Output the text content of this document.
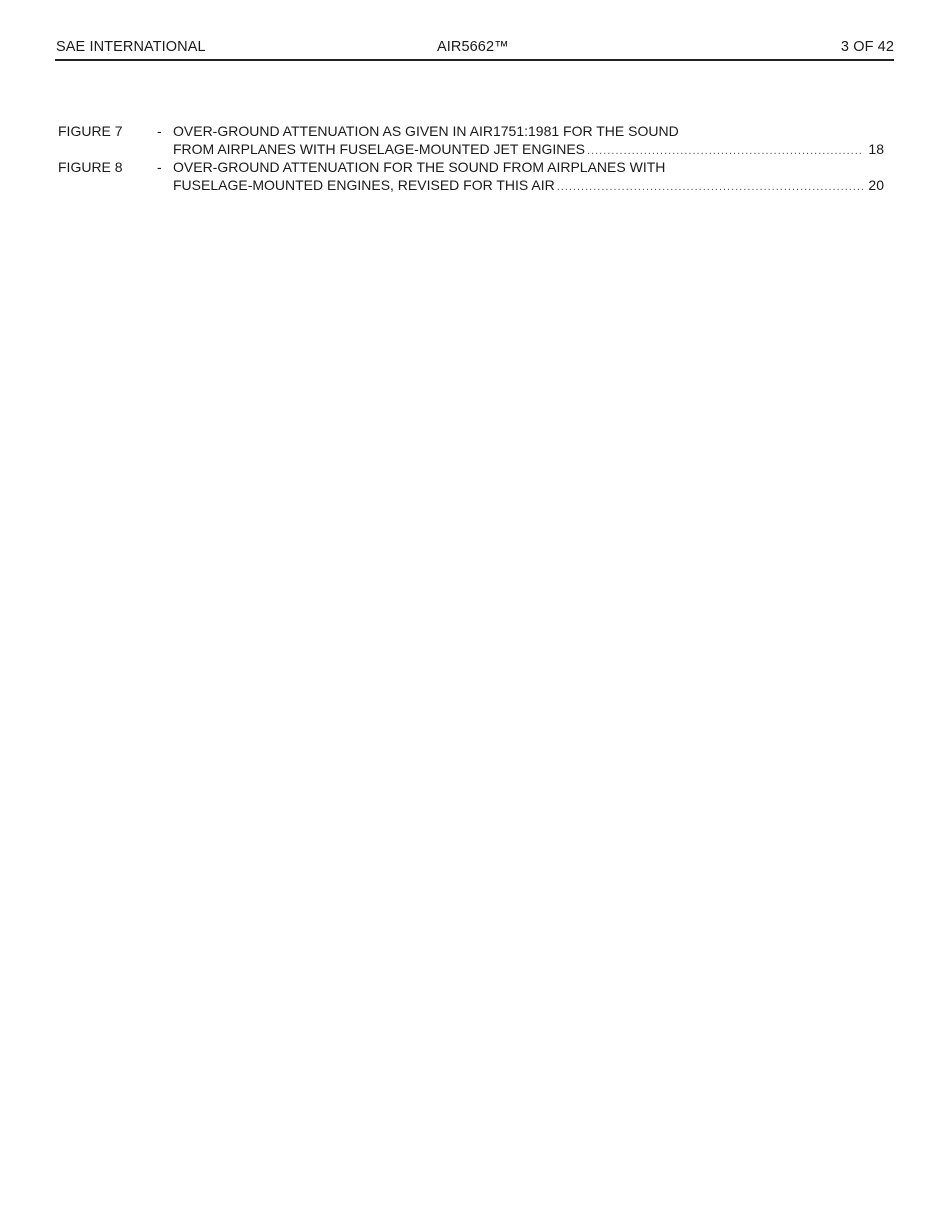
SAE INTERNATIONAL	AIR5662™	3 OF 42
FIGURE 7 - OVER-GROUND ATTENUATION AS GIVEN IN AIR1751:1981 FOR THE SOUND
FROM AIRPLANES WITH FUSELAGE-MOUNTED JET ENGINES .....	18
FIGURE 8 - OVER-GROUND ATTENUATION FOR THE SOUND FROM AIRPLANES WITH
FUSELAGE-MOUNTED ENGINES, REVISED FOR THIS AIR .....	20
